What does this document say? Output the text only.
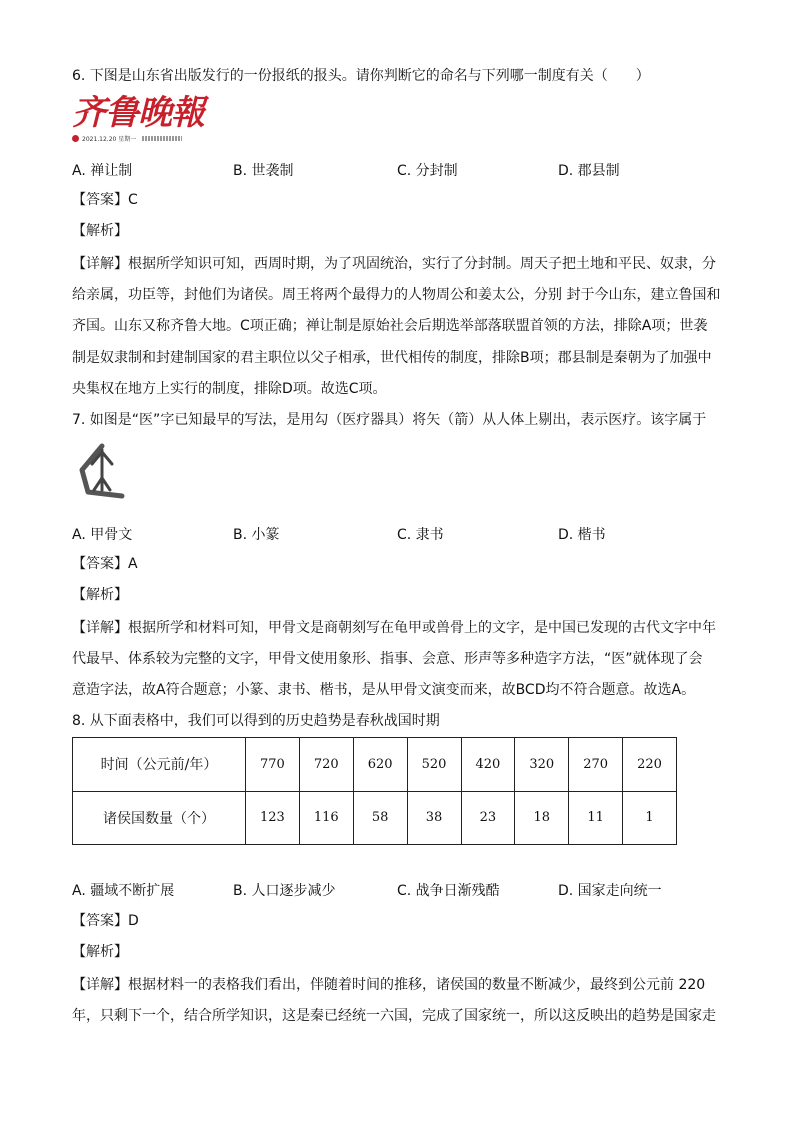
6. 下图是山东省出版发行的一份报纸的报头。请你判断它的命名与下列哪一制度有关（　　）
齐鲁晚報
2021.12.20 星期一
A. 禅让制	B. 世袭制	C. 分封制	D. 郡县制
【答案】C
【解析】
【详解】根据所学知识可知，西周时期，为了巩固统治，实行了分封制。周天子把土地和平民、奴隶，分
给亲属，功臣等，封他们为诸侯。周王将两个最得力的人物周公和姜太公，分别 封于今山东，建立鲁国和
齐国。山东又称齐鲁大地。C项正确；禅让制是原始社会后期选举部落联盟首领的方法，排除A项；世袭
制是奴隶制和封建制国家的君主职位以父子相承，世代相传的制度，排除B项；郡县制是秦朝为了加强中
央集权在地方上实行的制度，排除D项。故选C项。
7. 如图是“医”字已知最早的写法，是用勾（医疗器具）将矢（箭）从人体上剔出，表示医疗。该字属于
A. 甲骨文	B. 小篆	C. 隶书	D. 楷书
【答案】A
【解析】
【详解】根据所学和材料可知，甲骨文是商朝刻写在龟甲或兽骨上的文字，是中国已发现的古代文字中年
代最早、体系较为完整的文字，甲骨文使用象形、指事、会意、形声等多种造字方法，“医”就体现了会
意造字法，故A符合题意；小篆、隶书、楷书，是从甲骨文演变而来，故BCD均不符合题意。故选A。
8. 从下面表格中，我们可以得到的历史趋势是春秋战国时期
时间（公元前/年）	770	720	620	520	420	320	270	220
诸侯国数量（个）	123	116	58	38	23	18	11	1
A. 疆域不断扩展	B. 人口逐步减少	C. 战争日渐残酷	D. 国家走向统一
【答案】D
【解析】
【详解】根据材料一的表格我们看出，伴随着时间的推移，诸侯国的数量不断减少，最终到公元前 220
年，只剩下一个，结合所学知识，这是秦已经统一六国，完成了国家统一，所以这反映出的趋势是国家走
